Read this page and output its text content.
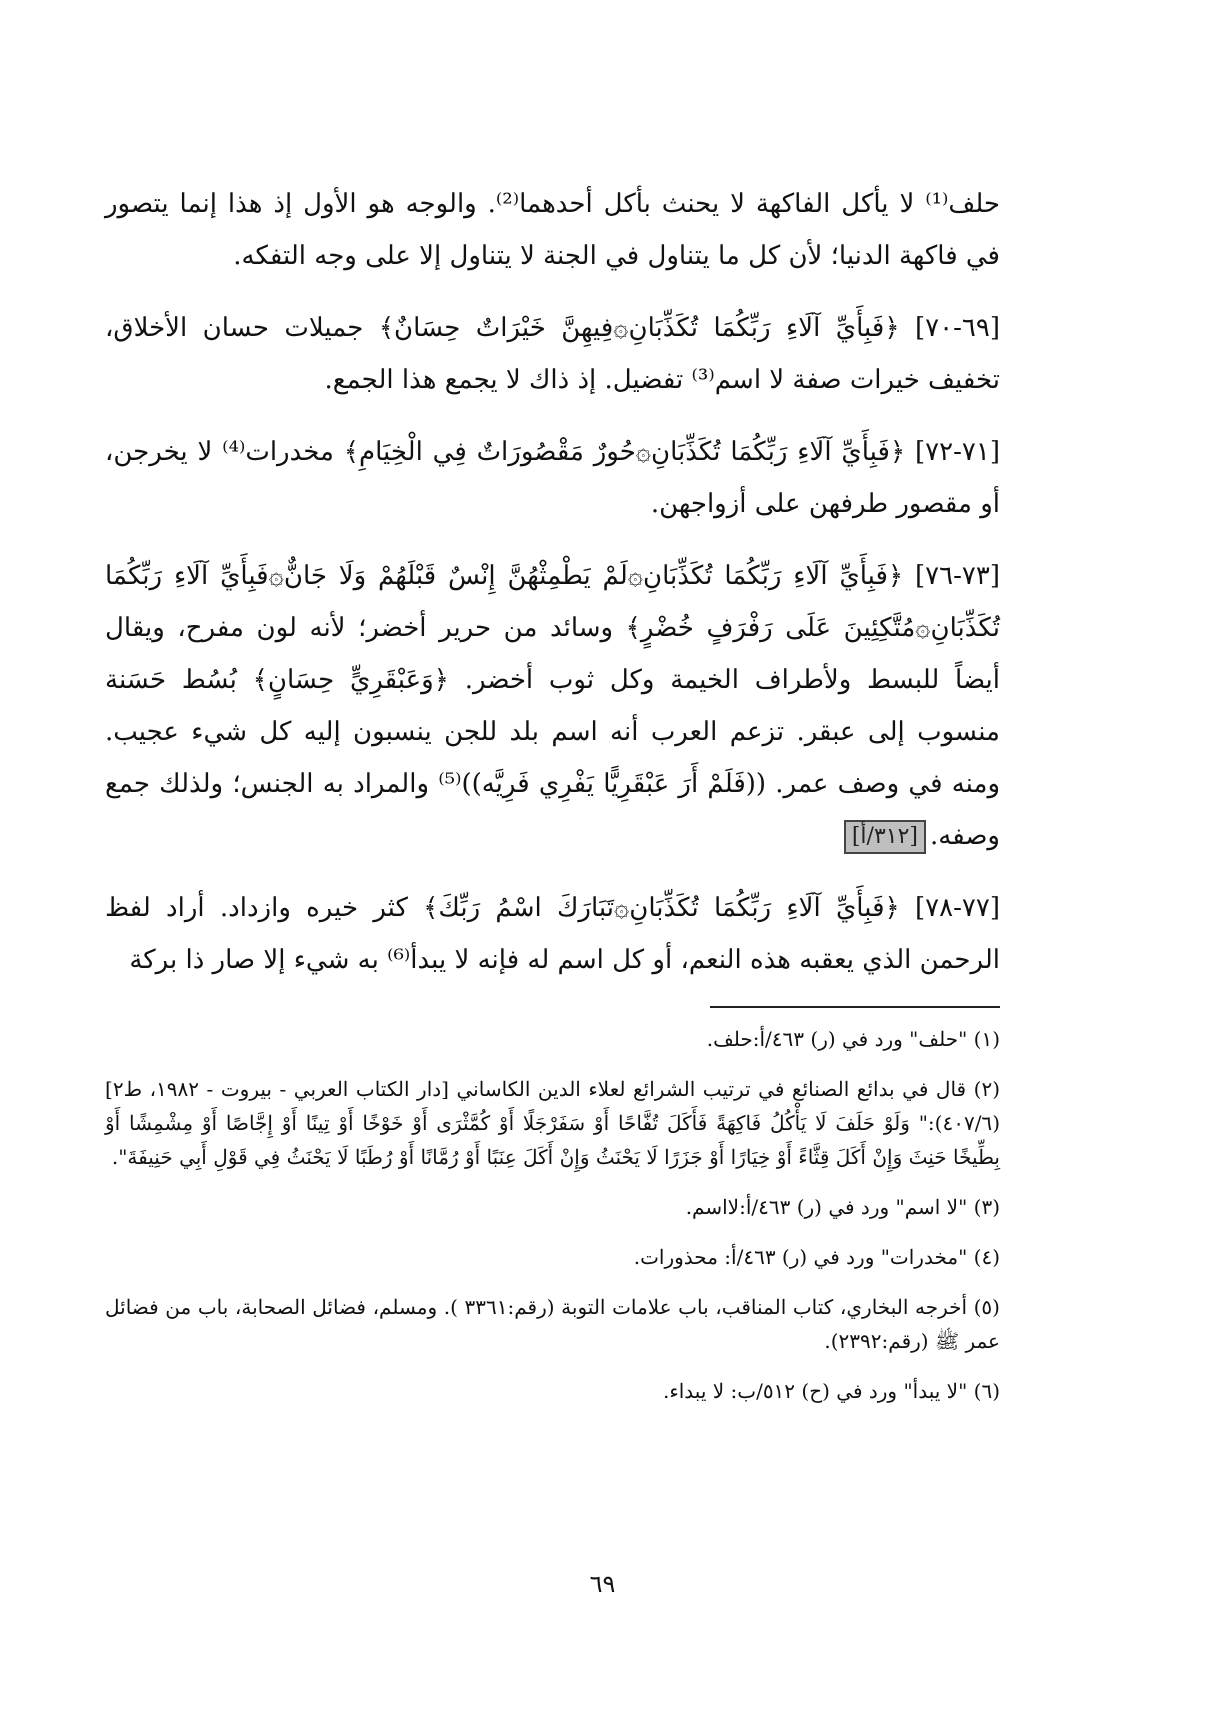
حلف⁽¹⁾ لا يأكل الفاكهة لا يحنث بأكل أحدهما⁽²⁾. والوجه هو الأول إذ هذا إنما يتصور في فاكهة الدنيا؛ لأن كل ما يتناول في الجنة لا يتناول إلا على وجه التفكه.

[٦٩-٧٠] ﴿فَبِأَيِّ آلَاءِ رَبِّكُمَا تُكَذِّبَانِ۞فِيهِنَّ خَيْرَاتٌ حِسَانٌ﴾ جميلات حسان الأخلاق، تخفيف خيرات صفة لا اسم⁽³⁾ تفضيل. إذ ذاك لا يجمع هذا الجمع.

[٧١-٧٢] ﴿فَبِأَيِّ آلَاءِ رَبِّكُمَا تُكَذِّبَانِ۞حُورٌ مَقْصُورَاتٌ فِي الْخِيَامِ﴾ مخدرات⁽⁴⁾ لا يخرجن، أو مقصور طرفهن على أزواجهن.

[٧٣-٧٦] ﴿فَبِأَيِّ آلَاءِ رَبِّكُمَا تُكَذِّبَانِ۞لَمْ يَطْمِثْهُنَّ إِنْسٌ قَبْلَهُمْ وَلَا جَانٌّ۞فَبِأَيِّ آلَاءِ رَبِّكُمَا تُكَذِّبَانِ۞مُتَّكِئِينَ عَلَى رَفْرَفٍ خُضْرٍ﴾ وسائد من حرير أخضر؛ لأنه لون مفرح، ويقال أيضاً للبسط ولأطراف الخيمة وكل ثوب أخضر. ﴿وَعَبْقَرِيٍّ حِسَانٍ﴾ بُسُط حَسَنة منسوب إلى عبقر. تزعم العرب أنه اسم بلد للجن ينسبون إليه كل شيء عجيب. ومنه في وصف عمر. ((فَلَمْ أَرَ عَبْقَرِيًّا يَفْرِي فَرِيَّه))⁽⁵⁾ والمراد به الجنس؛ ولذلك جمع وصفه.[٣١٢/أ]

[٧٧-٧٨] ﴿فَبِأَيِّ آلَاءِ رَبِّكُمَا تُكَذِّبَانِ۞تَبَارَكَ اسْمُ رَبِّكَ﴾ كثر خيره وازداد. أراد لفظ الرحمن الذي يعقبه هذه النعم، أو كل اسم له فإنه لا يبدأ⁽⁶⁾ به شيء إلا صار ذا بركة

(١) "حلف" ورد في (ر) ٤٦٣/أ:حلف.

(٢) قال في بدائع الصنائع في ترتيب الشرائع لعلاء الدين الكاساني [دار الكتاب العربي - بيروت - ١٩٨٢، ط٢] (٤٠٧/٦):" وَلَوْ حَلَفَ لَا يَأْكُلُ فَاكِهَةً فَأَكَلَ تُفَّاحًا أَوْ سَفَرْجَلًا أَوْ كُمَّثْرَى أَوْ خَوْخًا أَوْ تِينًا أَوْ إِجَّاصًا أَوْ مِشْمِشًا أَوْ بِطِّيخًا حَنِثَ وَإِنْ أَكَلَ قِثَّاءً أَوْ خِيَارًا أَوْ جَزَرًا لَا يَحْنَثُ وَإِنْ أَكَلَ عِنَبًا أَوْ رُمَّانًا أَوْ رُطَبًا لَا يَحْنَثُ فِي قَوْلِ أَبِي حَنِيفَةَ".

(٣) "لا اسم" ورد في (ر) ٤٦٣/أ:لااسم.

(٤) "مخدرات" ورد في (ر) ٤٦٣/أ: محذورات.

(٥) أخرجه البخاري، كتاب المناقب، باب علامات التوبة (رقم:٣٣٦١ ). ومسلم، فضائل الصحابة، باب من فضائل عمر ﷺ (رقم:٢٣٩٢).

(٦) "لا يبدأ" ورد في (ح) ٥١٢/ب: لا يبداء.

٦٩
